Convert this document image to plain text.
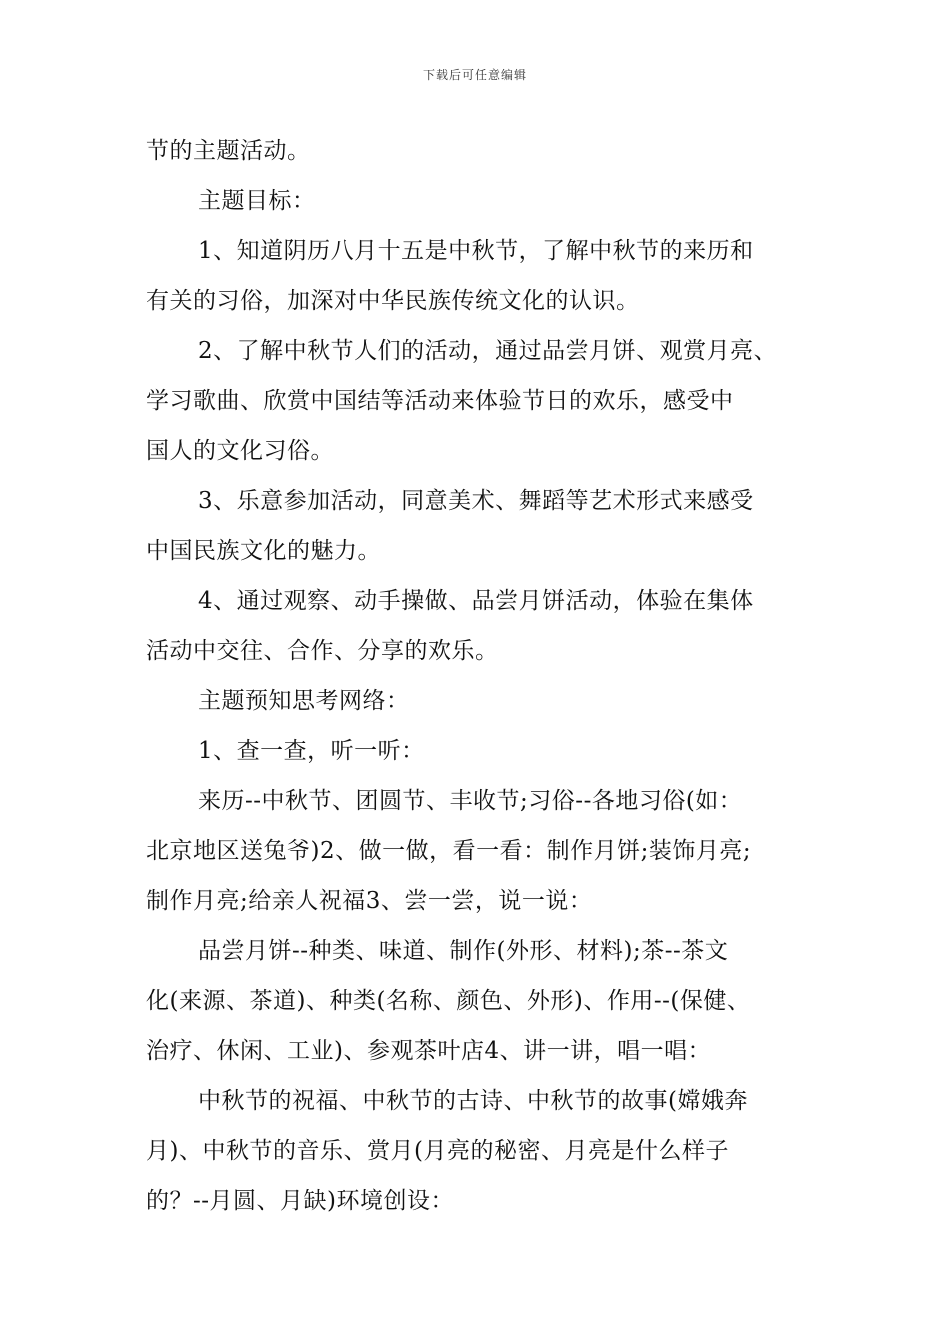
下载后可任意编辑
节的主题活动。
主题目标：
1、知道阴历八月十五是中秋节，了解中秋节的来历和
有关的习俗，加深对中华民族传统文化的认识。
2、了解中秋节人们的活动，通过品尝月饼、观赏月亮、
学习歌曲、欣赏中国结等活动来体验节日的欢乐，感受中
国人的文化习俗。
3、乐意参加活动，同意美术、舞蹈等艺术形式来感受
中国民族文化的魅力。
4、通过观察、动手操做、品尝月饼活动，体验在集体
活动中交往、合作、分享的欢乐。
主题预知思考网络：
1、查一查，听一听：
来历--中秋节、团圆节、丰收节;习俗--各地习俗(如：
北京地区送兔爷)2、做一做，看一看：制作月饼;装饰月亮;
制作月亮;给亲人祝福3、尝一尝，说一说：
品尝月饼--种类、味道、制作(外形、材料);茶--茶文
化(来源、茶道)、种类(名称、颜色、外形)、作用--(保健、
治疗、休闲、工业)、参观茶叶店4、讲一讲，唱一唱：
中秋节的祝福、中秋节的古诗、中秋节的故事(嫦娥奔
月)、中秋节的音乐、赏月(月亮的秘密、月亮是什么样子
的？--月圆、月缺)环境创设：
